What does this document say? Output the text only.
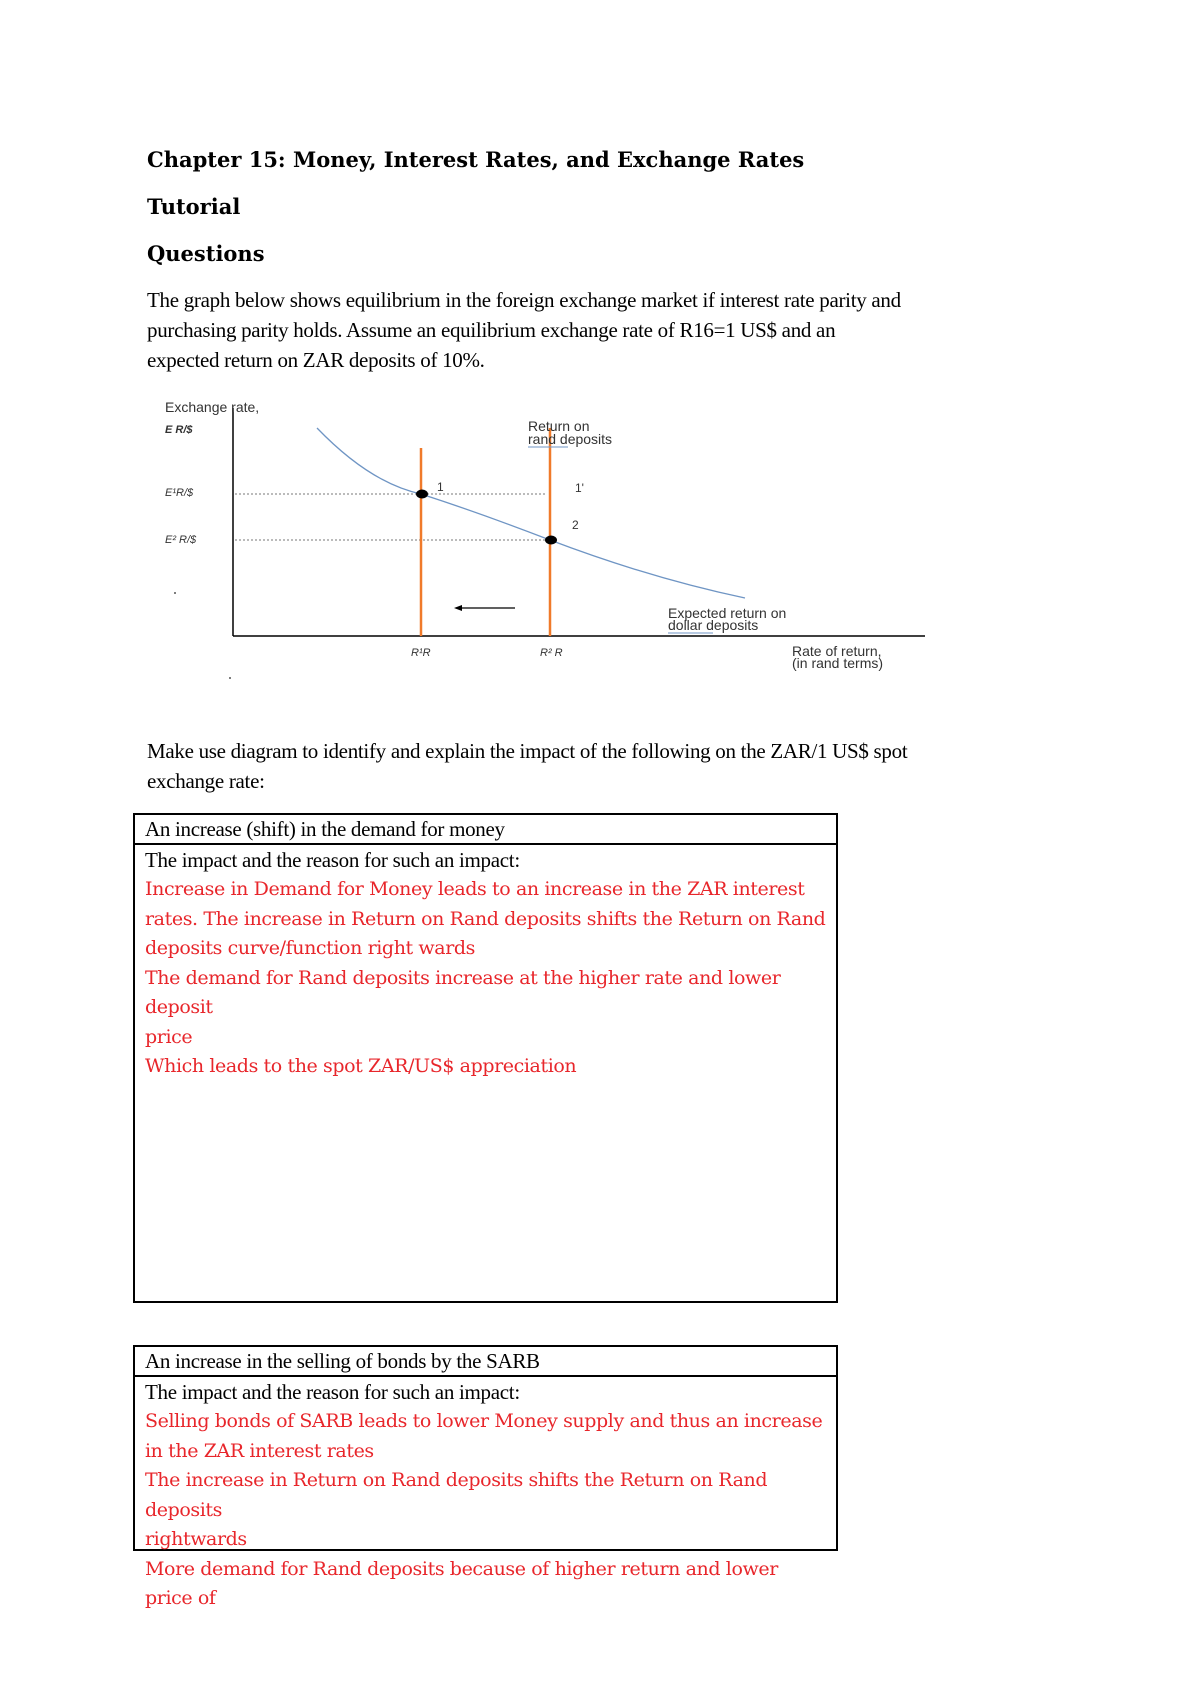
Chapter 15: Money, Interest Rates, and Exchange Rates
Tutorial
Questions
The graph below shows equilibrium in the foreign exchange market if interest rate parity and
purchasing parity holds. Assume an equilibrium exchange rate of R16=1 US$ and an
expected return on ZAR deposits of 10%.
Exchange rate,
E R/$
E¹R/$
E² R/$
1	1'
2
Return on
rand deposits
Expected return on
dollar deposits
R¹R	R² R	Rate of return,
(in rand terms)
Make use diagram to identify and explain the impact of the following on the ZAR/1 US$ spot
exchange rate:
An increase (shift) in the demand for money

The impact and the reason for such an impact:

Increase in Demand for Money leads to an increase in the ZAR interest

rates. The increase in Return on Rand deposits shifts the Return on Rand

deposits curve/function right wards

The demand for Rand deposits increase at the higher rate and lower deposit

price

Which leads to the spot ZAR/US$ appreciation

An increase in the selling of bonds by the SARB

The impact and the reason for such an impact:

Selling bonds of SARB leads to lower Money supply and thus an increase

in the ZAR interest rates

The increase in Return on Rand deposits shifts the Return on Rand deposits

rightwards

More demand for Rand deposits because of higher return and lower price of
